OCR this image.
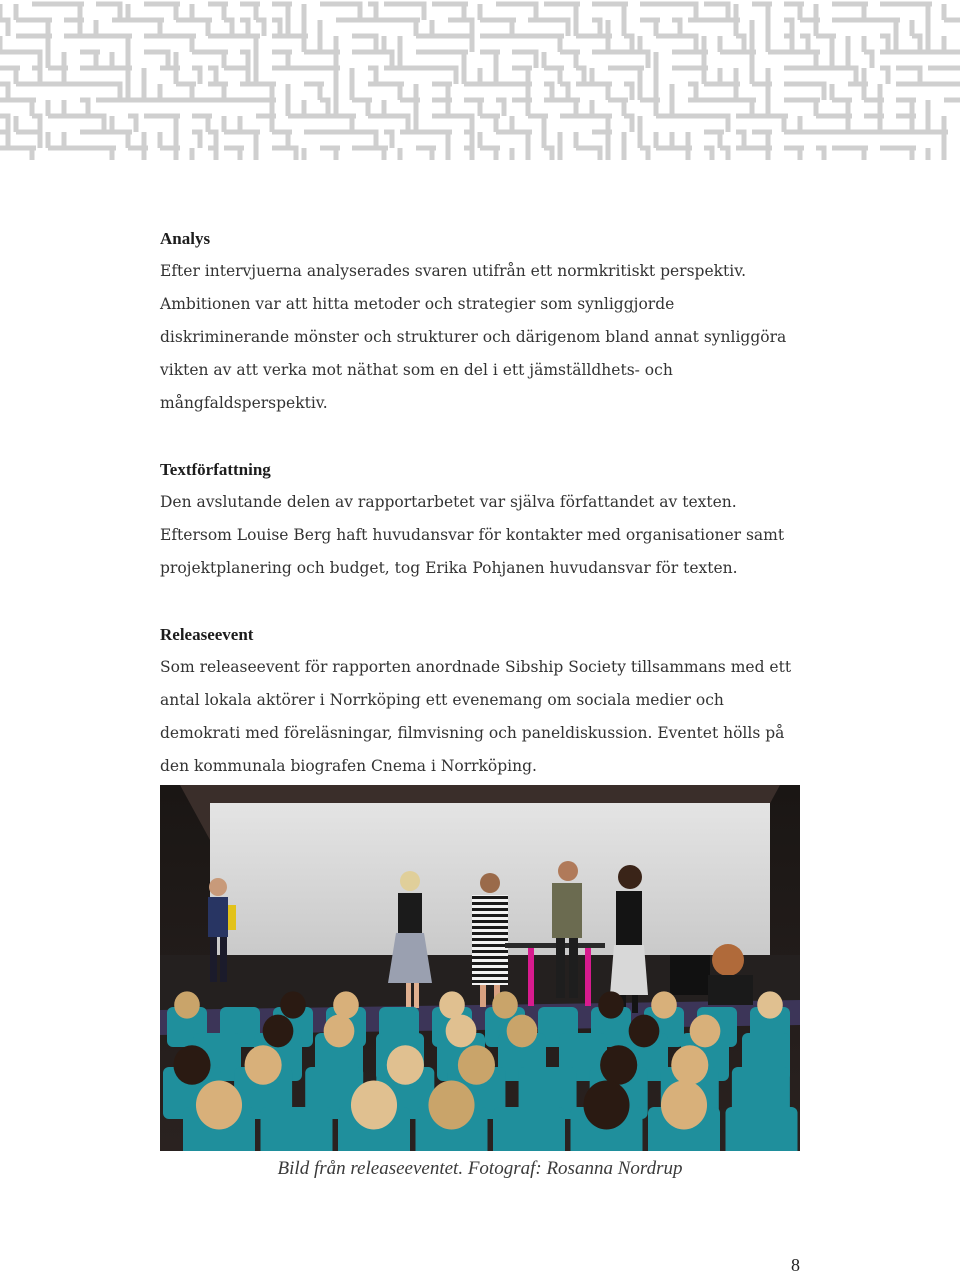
Analys

Efter intervjuerna analyserades svaren utifrån ett normkritiskt perspektiv.

Ambitionen var att hitta metoder och strategier som synliggjorde

diskriminerande mönster och strukturer och därigenom bland annat synliggöra

vikten av att verka mot näthat som en del i ett jämställdhets- och

mångfaldsperspektiv.

Textförfattning

Den avslutande delen av rapportarbetet var själva författandet av texten.

Eftersom Louise Berg haft huvudansvar för kontakter med organisationer samt

projektplanering och budget, tog Erika Pohjanen huvudansvar för texten.

Releaseevent

Som releaseevent för rapporten anordnade Sibship Society tillsammans med ett

antal lokala aktörer i Norrköping ett evenemang om sociala medier och

demokrati med föreläsningar, filmvisning och paneldiskussion. Eventet hölls på

den kommunala biografen Cnema i Norrköping.

Bild från releaseeventet. Fotograf: Rosanna Nordrup
8
